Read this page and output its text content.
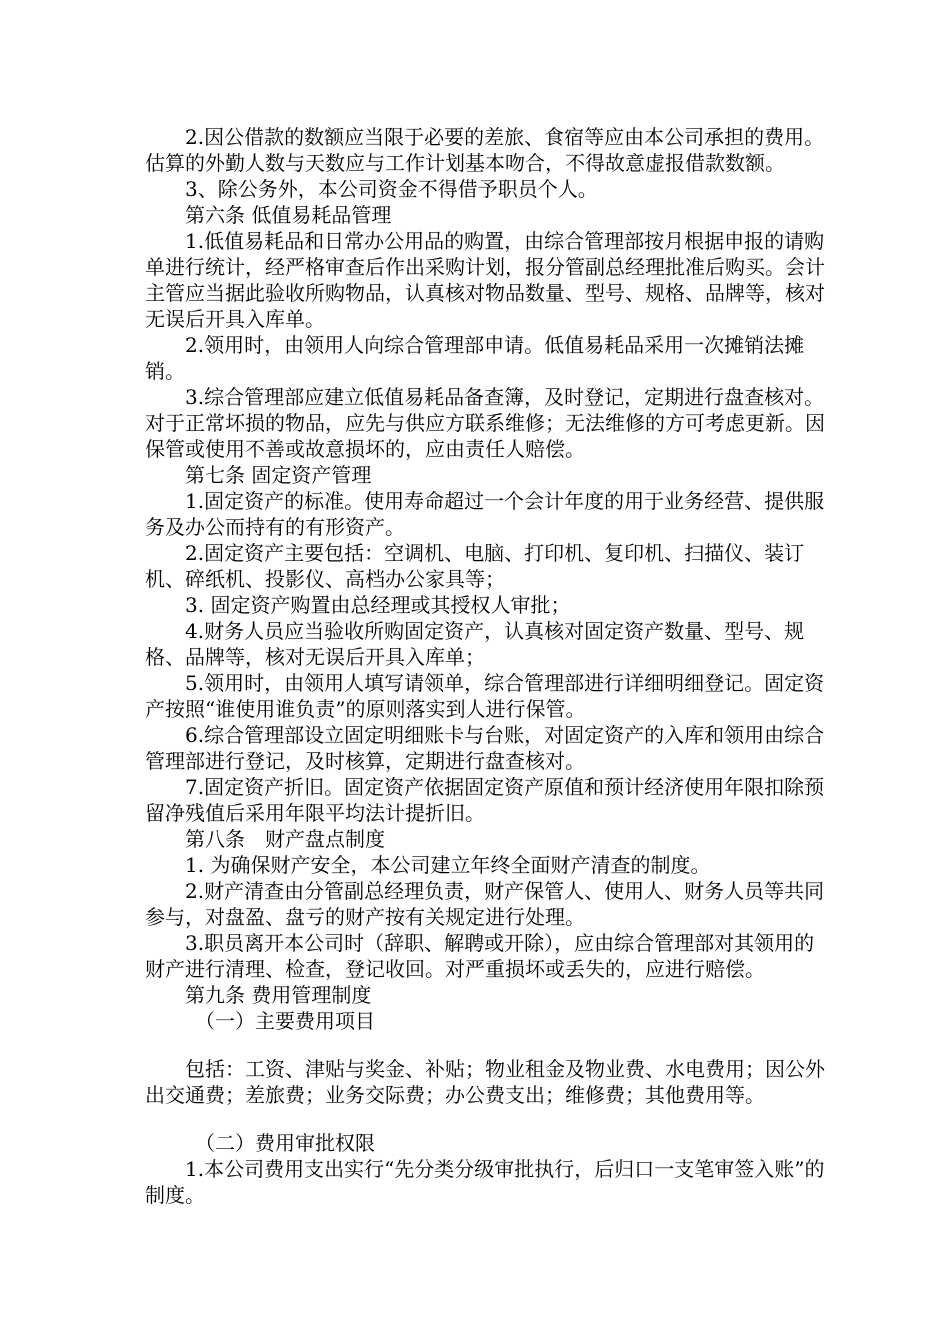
2.因公借款的数额应当限于必要的差旅、食宿等应由本公司承担的费用。估算的外勤人数与天数应与工作计划基本吻合，不得故意虚报借款数额。

3、除公务外，本公司资金不得借予职员个人。

第六条 低值易耗品管理

1.低值易耗品和日常办公用品的购置，由综合管理部按月根据申报的请购单进行统计，经严格审查后作出采购计划，报分管副总经理批准后购买。会计主管应当据此验收所购物品，认真核对物品数量、型号、规格、品牌等，核对无误后开具入库单。

2.领用时，由领用人向综合管理部申请。低值易耗品采用一次摊销法摊销。

3.综合管理部应建立低值易耗品备查簿，及时登记，定期进行盘查核对。对于正常坏损的物品，应先与供应方联系维修；无法维修的方可考虑更新。因保管或使用不善或故意损坏的，应由责任人赔偿。

第七条 固定资产管理

1.固定资产的标准。使用寿命超过一个会计年度的用于业务经营、提供服务及办公而持有的有形资产。

2.固定资产主要包括：空调机、电脑、打印机、复印机、扫描仪、装订机、碎纸机、投影仪、高档办公家具等；

3. 固定资产购置由总经理或其授权人审批；

4.财务人员应当验收所购固定资产，认真核对固定资产数量、型号、规格、品牌等，核对无误后开具入库单；

5.领用时，由领用人填写请领单，综合管理部进行详细明细登记。固定资产按照“谁使用谁负责”的原则落实到人进行保管。

6.综合管理部设立固定明细账卡与台账，对固定资产的入库和领用由综合管理部进行登记，及时核算，定期进行盘查核对。

7.固定资产折旧。固定资产依据固定资产原值和预计经济使用年限扣除预留净残值后采用年限平均法计提折旧。

第八条　财产盘点制度

1. 为确保财产安全，本公司建立年终全面财产清查的制度。

2.财产清查由分管副总经理负责，财产保管人、使用人、财务人员等共同参与，对盘盈、盘亏的财产按有关规定进行处理。

3.职员离开本公司时（辞职、解聘或开除），应由综合管理部对其领用的财产进行清理、检查，登记收回。对严重损坏或丢失的，应进行赔偿。

第九条 费用管理制度

（一）主要费用项目

包括：工资、津贴与奖金、补贴；物业租金及物业费、水电费用；因公外出交通费；差旅费；业务交际费；办公费支出；维修费；其他费用等。

（二）费用审批权限

1.本公司费用支出实行“先分类分级审批执行，后归口一支笔审签入账”的制度。
